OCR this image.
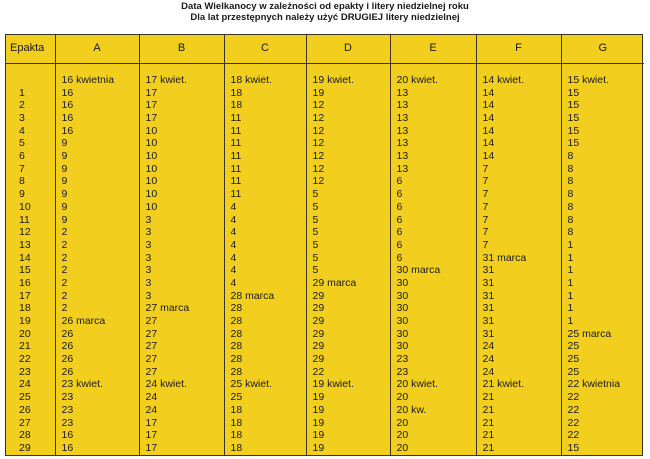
Data Wielkanocy w zależności od epakty i litery niedzielnej roku
Dla lat przestępnych należy użyć DRUGIEJ litery niedzielnej
Epakta	A	B	C	D	E	F	G

	16 kwietnia	17 kwiet.	18 kwiet.	19 kwiet.	20 kwiet.	14 kwiet.	15 kwiet.
1	16	17	18	19	13	14	15
2	16	17	18	12	13	14	15
3	16	17	11	12	13	14	15
4	16	10	11	12	13	14	15
5	9	10	11	12	13	14	15
6	9	10	11	12	13	14	8
7	9	10	11	12	13	7	8
8	9	10	11	12	6	7	8
9	9	10	11	5	6	7	8
10	9	10	4	5	6	7	8
11	9	3	4	5	6	7	8
12	2	3	4	5	6	7	8
13	2	3	4	5	6	7	1
14	2	3	4	5	6	31 marca	1
15	2	3	4	5	30 marca	31	1
16	2	3	4	29 marca	30	31	1
17	2	3	28 marca	29	30	31	1
18	2	27 marca	28	29	30	31	1
19	26 marca	27	28	29	30	31	1
20	26	27	28	29	30	31	25 marca
21	26	27	28	29	30	24	25
22	26	27	28	29	23	24	25
23	26	27	28	22	23	24	25
24	23 kwiet.	24 kwiet.	25 kwiet.	19 kwiet.	20 kwiet.	21 kwiet.	22 kwietnia
25	23	24	25	19	20	21	22
26	23	24	18	19	20 kw.	21	22
27	23	17	18	19	20	21	22
28	16	17	18	19	20	21	22
29	16	17	18	19	20	21	15
